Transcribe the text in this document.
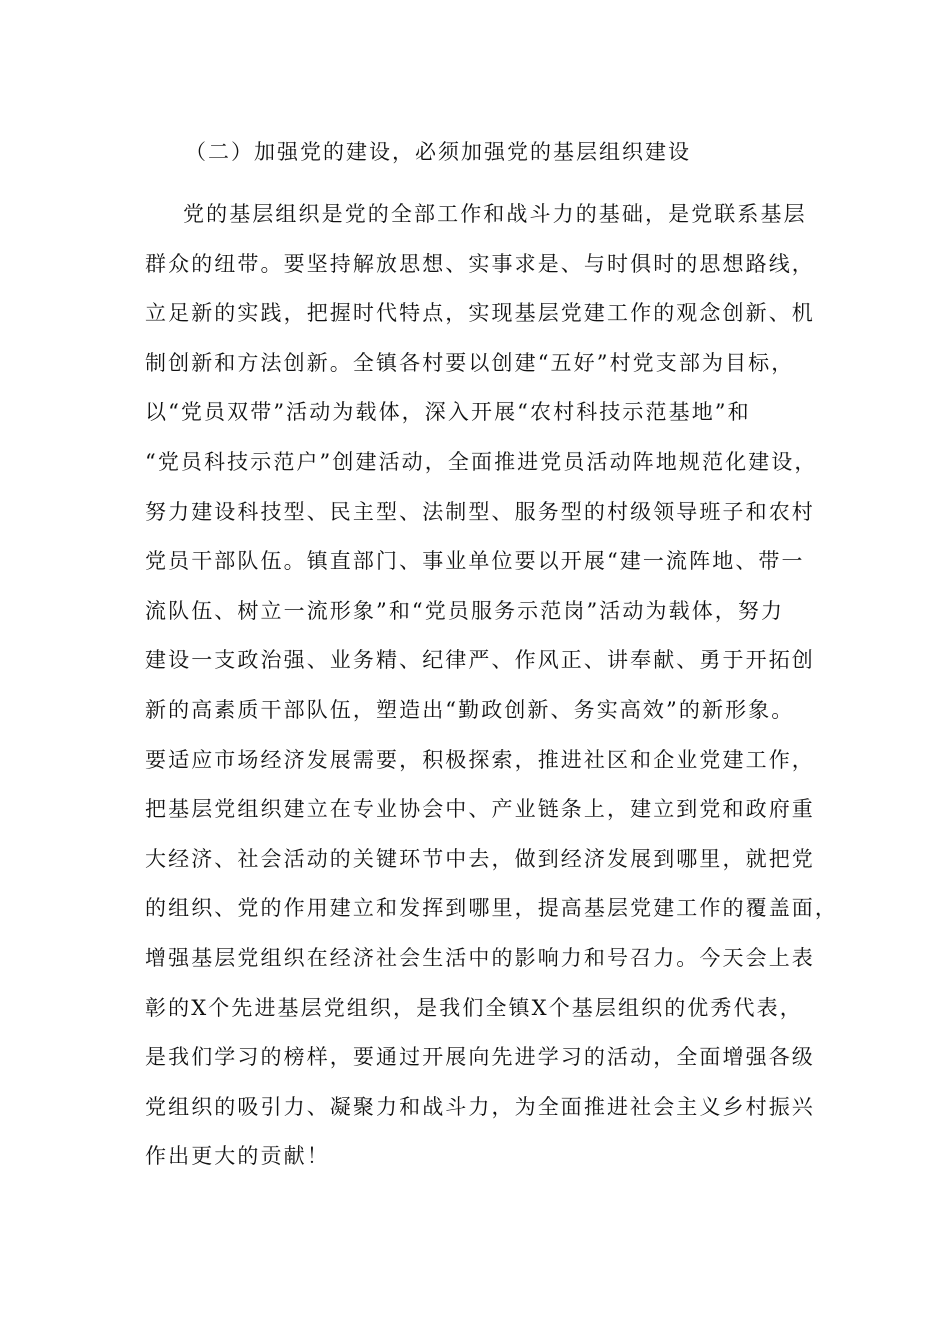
（二）加强党的建设，必须加强党的基层组织建设
党的基层组织是党的全部工作和战斗力的基础，是党联系基层
群众的纽带。要坚持解放思想、实事求是、与时俱时的思想路线，
立足新的实践，把握时代特点，实现基层党建工作的观念创新、机
制创新和方法创新。全镇各村要以创建“五好”村党支部为目标，
以“党员双带”活动为载体，深入开展“农村科技示范基地”和
“党员科技示范户”创建活动，全面推进党员活动阵地规范化建设，
努力建设科技型、民主型、法制型、服务型的村级领导班子和农村
党员干部队伍。镇直部门、事业单位要以开展“建一流阵地、带一
流队伍、树立一流形象”和“党员服务示范岗”活动为载体，努力
建设一支政治强、业务精、纪律严、作风正、讲奉献、勇于开拓创
新的高素质干部队伍，塑造出“勤政创新、务实高效”的新形象。
要适应市场经济发展需要，积极探索，推进社区和企业党建工作，
把基层党组织建立在专业协会中、产业链条上，建立到党和政府重
大经济、社会活动的关键环节中去，做到经济发展到哪里，就把党
的组织、党的作用建立和发挥到哪里，提高基层党建工作的覆盖面，
增强基层党组织在经济社会生活中的影响力和号召力。今天会上表
彰的X个先进基层党组织，是我们全镇X个基层组织的优秀代表，
是我们学习的榜样，要通过开展向先进学习的活动，全面增强各级
党组织的吸引力、凝聚力和战斗力，为全面推进社会主义乡村振兴
作出更大的贡献！
